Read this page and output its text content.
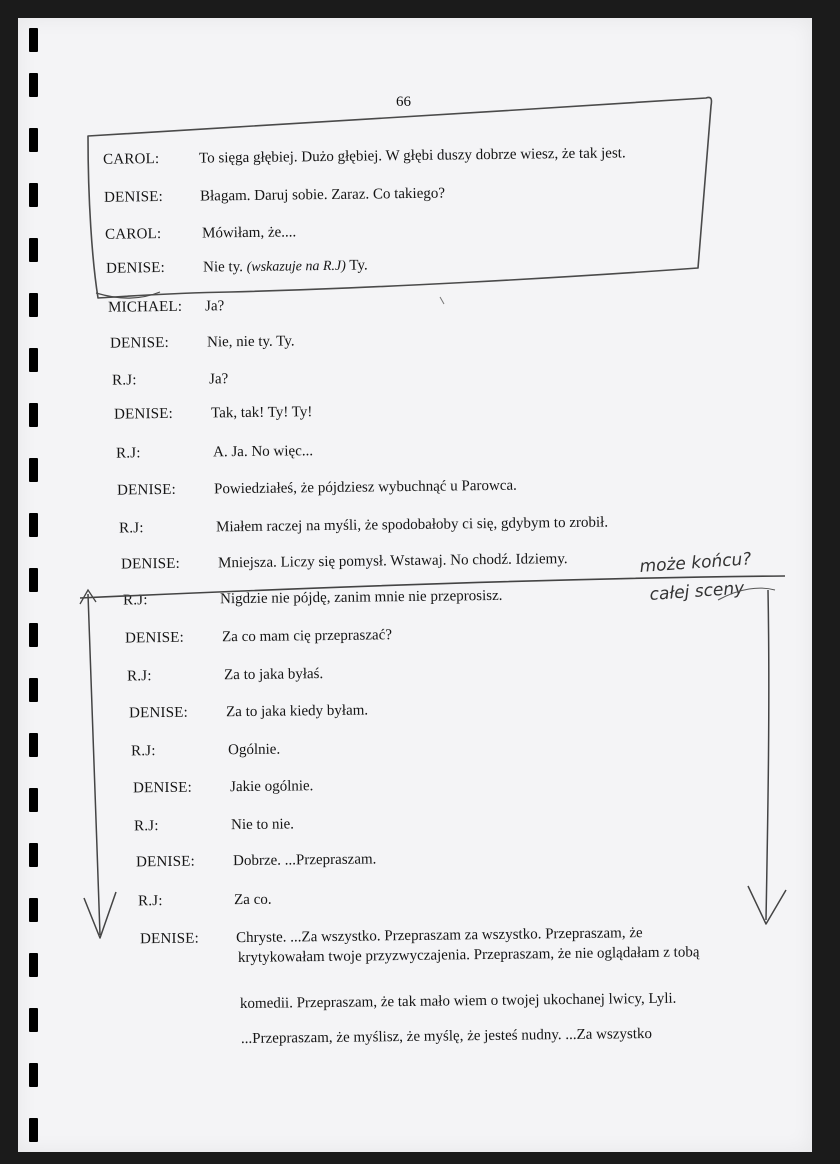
66
CAROL:	To sięga głębiej. Dużo głębiej. W głębi duszy dobrze wiesz, że tak jest.
DENISE: Błagam. Daruj sobie. Zaraz. Co takiego?
CAROL:	Mówiłam, że....
DENISE:	Nie ty. (wskazuje na R.J) Ty.
MICHAEL: Ja?
DENISE:	Nie, nie ty. Ty.
R.J:	Ja?
DENISE:	Tak, tak! Ty! Ty!
R.J:	A. Ja. No więc...
DENISE:	Powiedziałeś, że pójdziesz wybuchnąć u Parowca.
R.J:	Miałem raczej na myśli, że spodobałoby ci się, gdybym to zrobił.
DENISE:	Mniejsza. Liczy się pomysł. Wstawaj. No chodź. Idziemy.
R.J:	Nigdzie nie pójdę, zanim mnie nie przeprosisz.
DENISE:	Za co mam cię przepraszać?
R.J:	Za to jaka byłaś.
DENISE:	Za to jaka kiedy byłam.
R.J:	Ogólnie.
DENISE:	Jakie ogólnie.
R.J:	Nie to nie.
DENISE:	Dobrze. ...Przepraszam.
R.J:	Za co.
DENISE: Chryste. ...Za wszystko. Przepraszam za wszystko. Przepraszam, że
krytykowałam twoje przyzwyczajenia. Przepraszam, że nie oglądałam z tobą
komedii. Przepraszam, że tak mało wiem o twojej ukochanej lwicy, Lyli.
...Przepraszam, że myślisz, że myślę, że jesteś nudny. ...Za wszystko
może końcu?
całej sceny
